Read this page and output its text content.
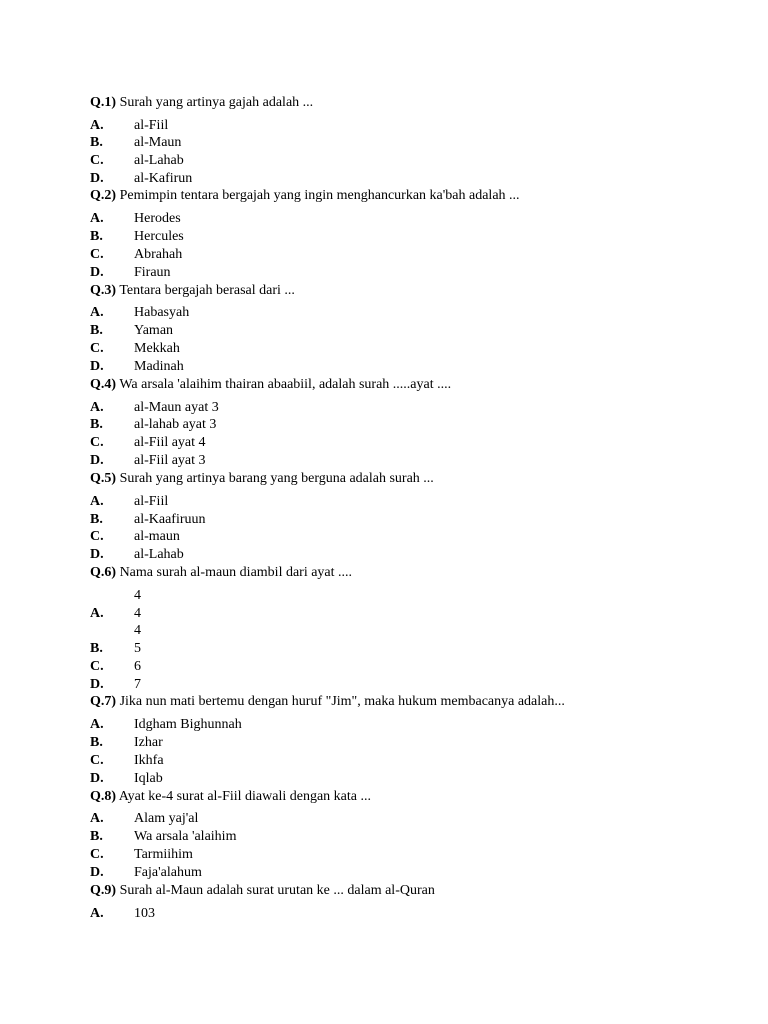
Q.1) Surah yang artinya gajah adalah ...
A. al-Fiil
B. al-Maun
C. al-Lahab
D. al-Kafirun
Q.2) Pemimpin tentara bergajah yang ingin menghancurkan ka'bah adalah ...
A. Herodes
B. Hercules
C. Abrahah
D. Firaun
Q.3) Tentara bergajah berasal dari ...
A. Habasyah
B. Yaman
C. Mekkah
D. Madinah
Q.4) Wa arsala 'alaihim thairan abaabiil, adalah surah .....ayat ....
A. al-Maun ayat 3
B. al-lahab ayat 3
C. al-Fiil ayat 4
D. al-Fiil ayat 3
Q.5) Surah yang artinya barang yang berguna adalah surah ...
A. al-Fiil
B. al-Kaafiruun
C. al-maun
D. al-Lahab
Q.6) Nama surah al-maun diambil dari ayat ....
4
A. 4
4
B. 5
C. 6
D. 7
Q.7) Jika nun mati bertemu dengan huruf "Jim", maka hukum membacanya adalah...
A. Idgham Bighunnah
B. Izhar
C. Ikhfa
D. Iqlab
Q.8) Ayat ke-4 surat al-Fiil diawali dengan kata ...
A. Alam yaj'al
B. Wa arsala 'alaihim
C. Tarmiihim
D. Faja'alahum
Q.9) Surah al-Maun adalah surat urutan ke ... dalam al-Quran
A. 103
